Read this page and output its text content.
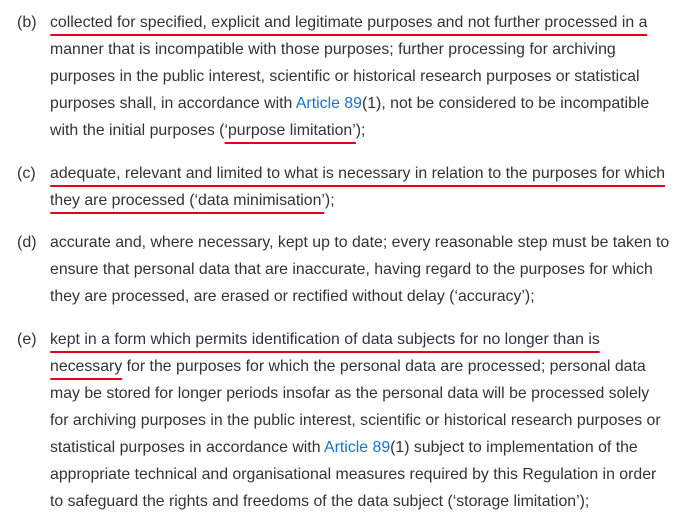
(b) collected for specified, explicit and legitimate purposes and not further processed in a
manner that is incompatible with those purposes; further processing for archiving
purposes in the public interest, scientific or historical research purposes or statistical
purposes shall, in accordance with Article 89(1), not be considered to be incompatible
with the initial purposes (‘purpose limitation’);
(c) adequate, relevant and limited to what is necessary in relation to the purposes for which
they are processed (‘data minimisation’);
(d) accurate and, where necessary, kept up to date; every reasonable step must be taken to
ensure that personal data that are inaccurate, having regard to the purposes for which
they are processed, are erased or rectified without delay (‘accuracy’);
(e) kept in a form which permits identification of data subjects for no longer than is
necessary for the purposes for which the personal data are processed; personal data
may be stored for longer periods insofar as the personal data will be processed solely
for archiving purposes in the public interest, scientific or historical research purposes or
statistical purposes in accordance with Article 89(1) subject to implementation of the
appropriate technical and organisational measures required by this Regulation in order
to safeguard the rights and freedoms of the data subject (‘storage limitation’);
